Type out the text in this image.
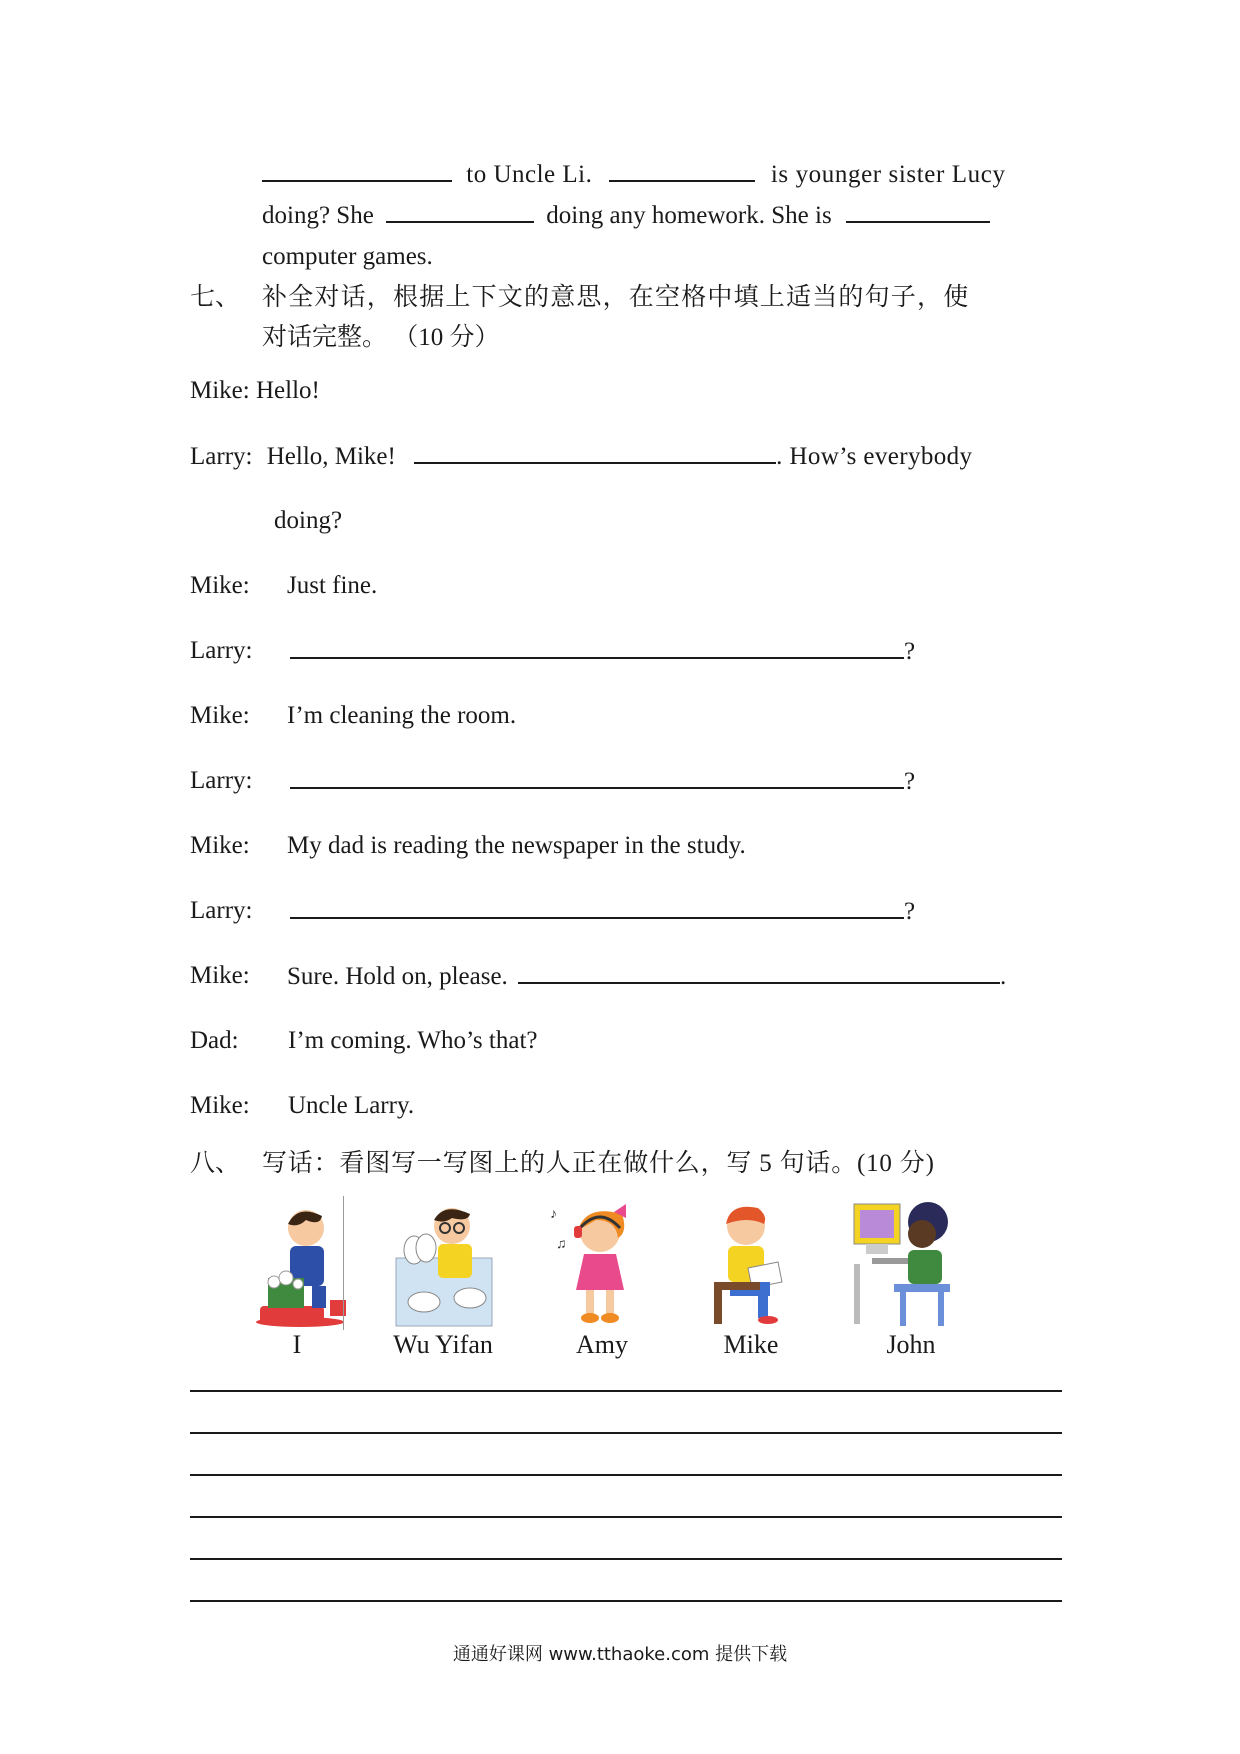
to Uncle Li.	is younger sister Lucy
doing? She	doing any homework. She is
computer games.
七、 补全对话，根据上下文的意思，在空格中填上适当的句子，使
对话完整。 （10 分）
Mike: Hello!
Larry: Hello, Mike!	. How’s everybody
doing?
Mike: Just fine.
Larry:	?
Mike: I’m cleaning the room.
Larry:	?
Mike: My dad is reading the newspaper in the study.
Larry:	?
Mike: Sure. Hold on, please.	.
Dad: I’m coming. Who’s that?
Mike: Uncle Larry.
八、 写话：看图写一写图上的人正在做什么，写 5 句话。(10 分)
♪
♫
I	Wu Yifan	Amy	Mike	John
通通好课网 www.tthaoke.com 提供下载
